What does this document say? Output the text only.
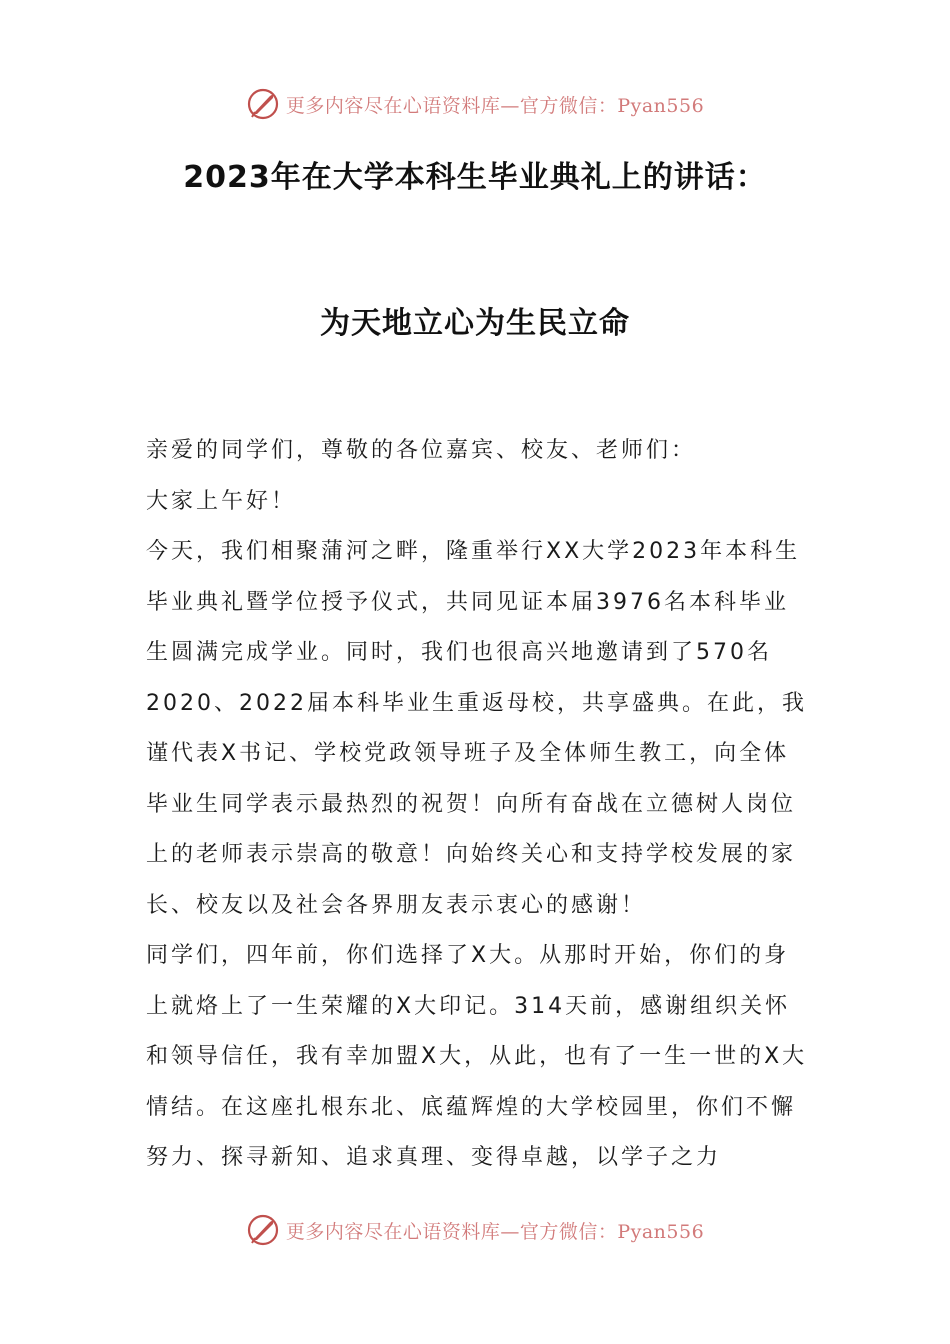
更多内容尽在心语资料库—官方微信：Pyan556
2023年在大学本科生毕业典礼上的讲话：
为天地立心为生民立命

亲爱的同学们，尊敬的各位嘉宾、校友、老师们：

大家上午好！

今天，我们相聚蒲河之畔，隆重举行XX大学2023年本科生毕业典礼暨学位授予仪式，共同见证本届3976名本科毕业生圆满完成学业。同时，我们也很高兴地邀请到了570名2020、2022届本科毕业生重返母校，共享盛典。在此，我谨代表X书记、学校党政领导班子及全体师生教工，向全体毕业生同学表示最热烈的祝贺！向所有奋战在立德树人岗位上的老师表示崇高的敬意！向始终关心和支持学校发展的家长、校友以及社会各界朋友表示衷心的感谢！

同学们，四年前，你们选择了X大。从那时开始，你们的身上就烙上了一生荣耀的X大印记。314天前，感谢组织关怀和领导信任，我有幸加盟X大，从此，也有了一生一世的X大情结。在这座扎根东北、底蕴辉煌的大学校园里，你们不懈努力、探寻新知、追求真理、变得卓越，以学子之力

更多内容尽在心语资料库—官方微信：Pyan556
